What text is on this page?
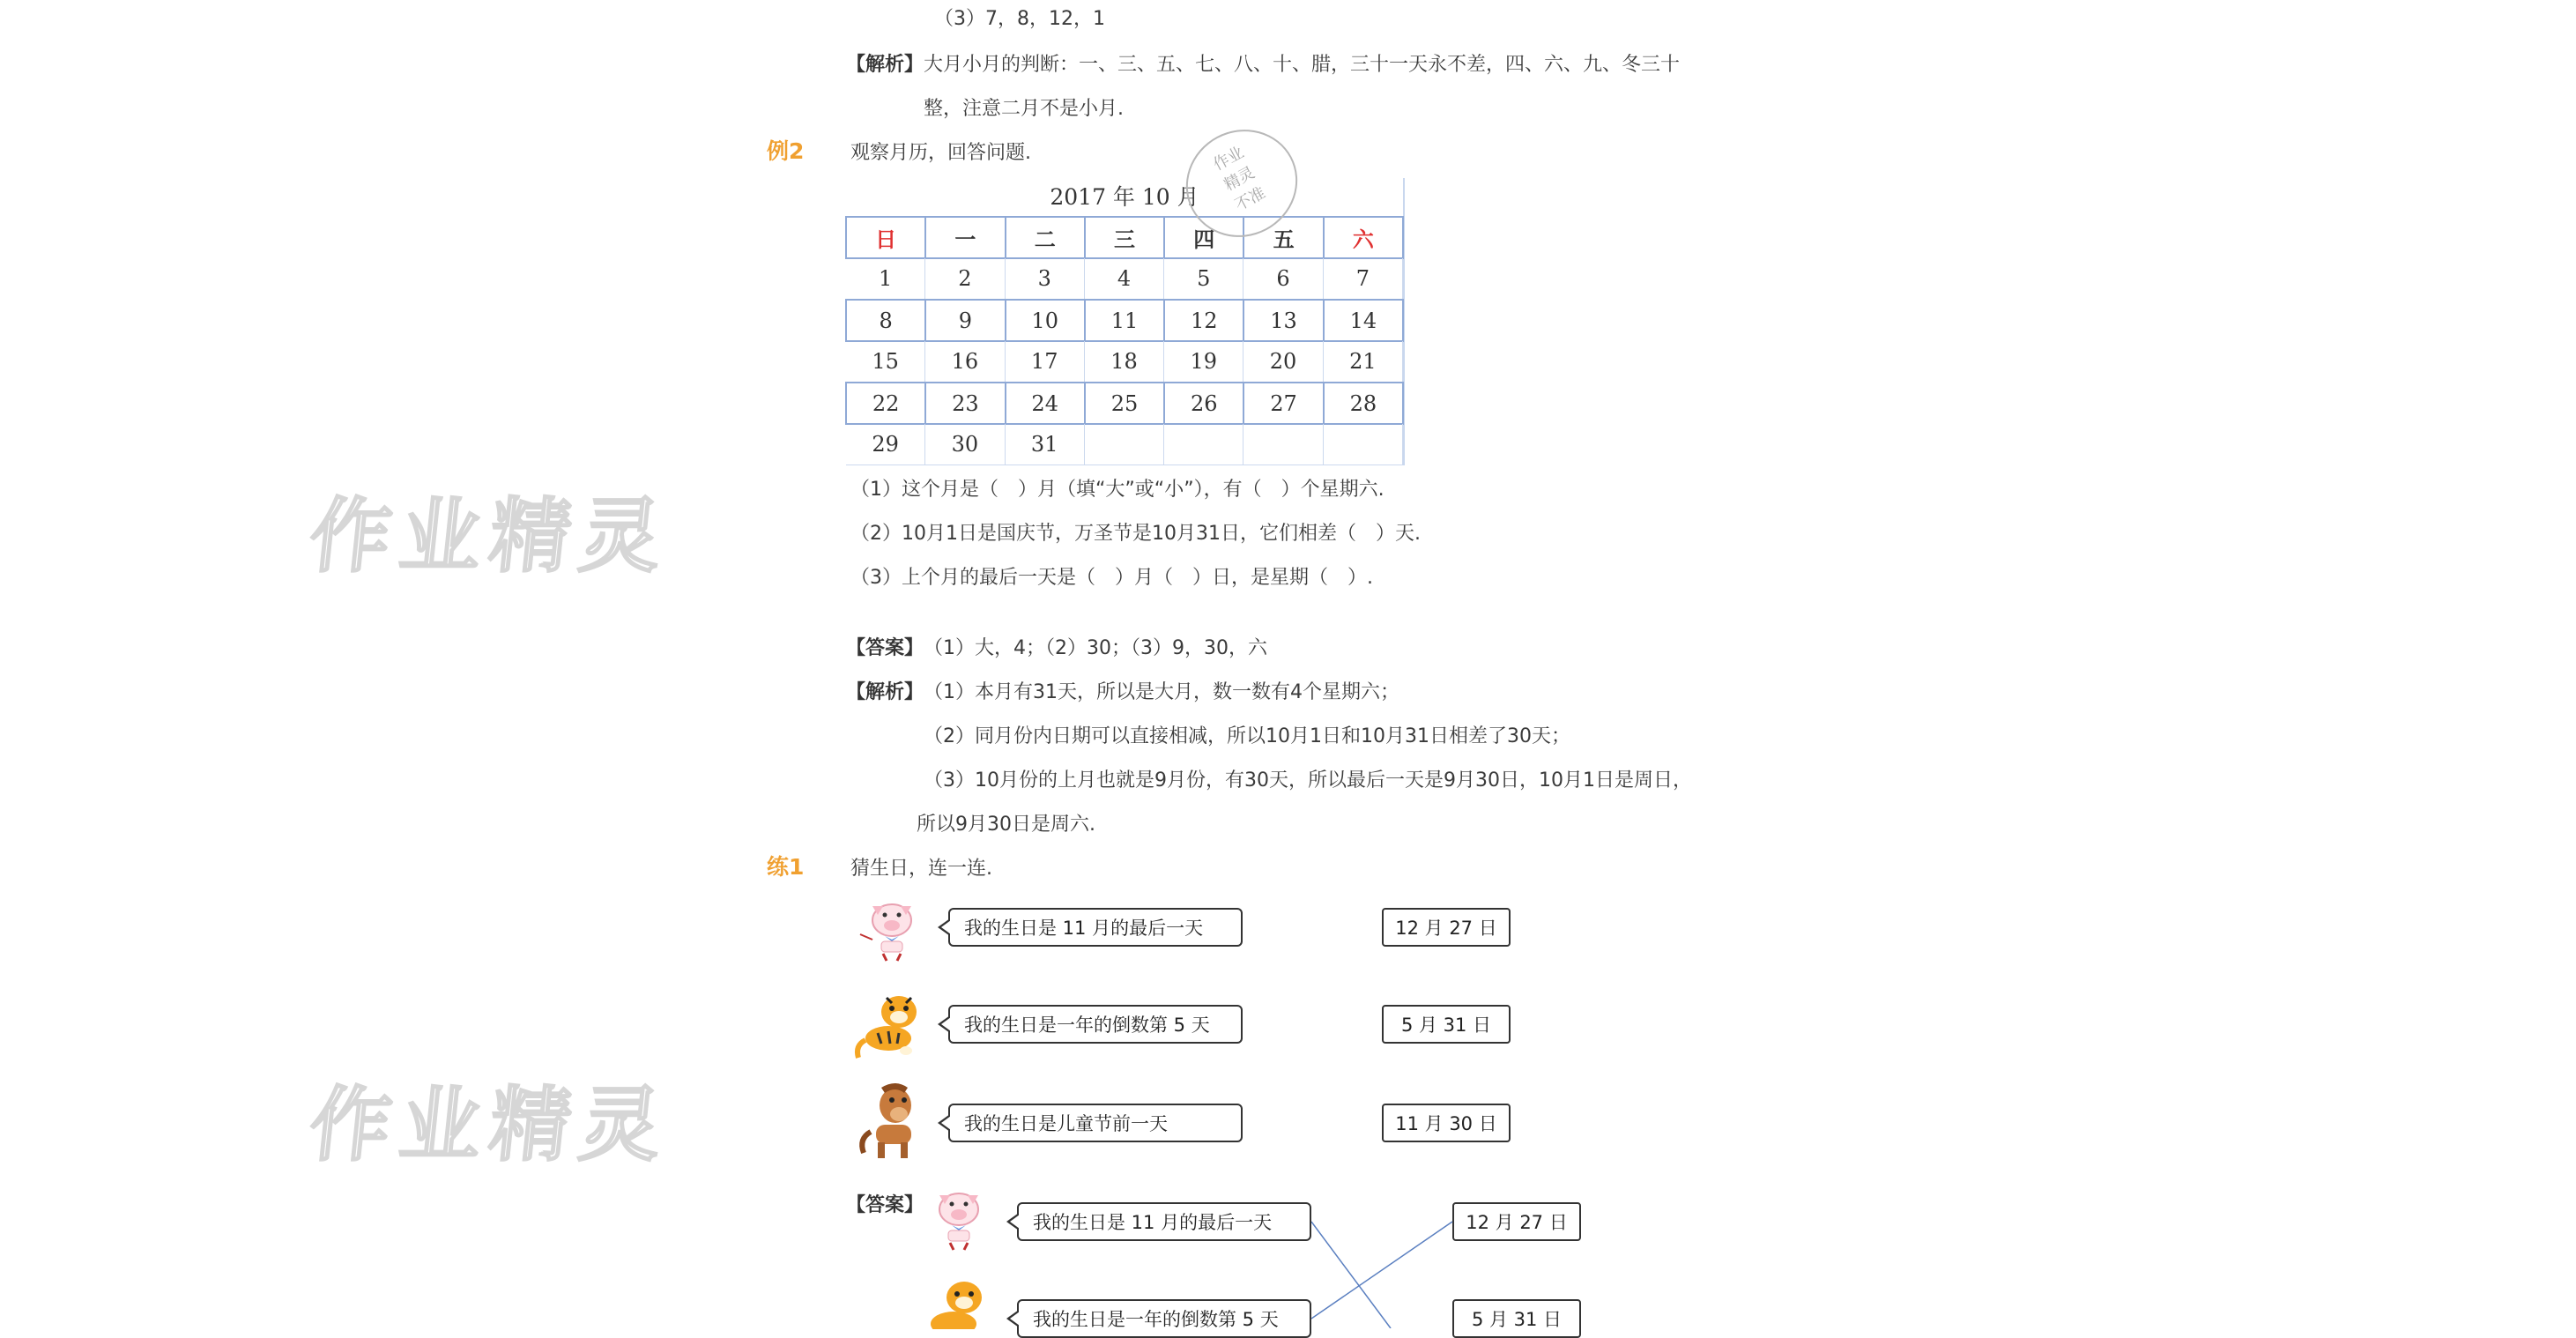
（3）7，8，12，1
【解析】 大月小月的判断：一、三、五、七、八、十、腊，三十一天永不差，四、六、九、冬三十
整，注意二月不是小月.
例2 观察月历，回答问题.
2017 年 10 月
日	一	二	三	四	五	六
1	2	3	4	5	6	7
8	9	10	11	12	13	14
15	16	17	18	19	20	21
22	23	24	25	26	27	28
29	30	31
作业
精灵
不准
（1）这个月是（　）月（填“大”或“小”），有（　）个星期六.
（2）10月1日是国庆节，万圣节是10月31日，它们相差（　）天.
（3）上个月的最后一天是（　）月（　）日，是星期（　）.
【答案】 （1）大，4；（2）30；（3）9，30，六
【解析】 （1）本月有31天，所以是大月，数一数有4个星期六；
（2）同月份内日期可以直接相减，所以10月1日和10月31日相差了30天；
（3）10月份的上月也就是9月份，有30天，所以最后一天是9月30日，10月1日是周日，
所以9月30日是周六.
练1 猜生日，连一连.
我的生日是 11 月的最后一天
我的生日是一年的倒数第 5 天
我的生日是儿童节前一天
12 月 27 日
5 月 31 日
11 月 30 日
【答案】
我的生日是 11 月的最后一天
我的生日是一年的倒数第 5 天
12 月 27 日
5 月 31 日
作业精灵
作业精灵
